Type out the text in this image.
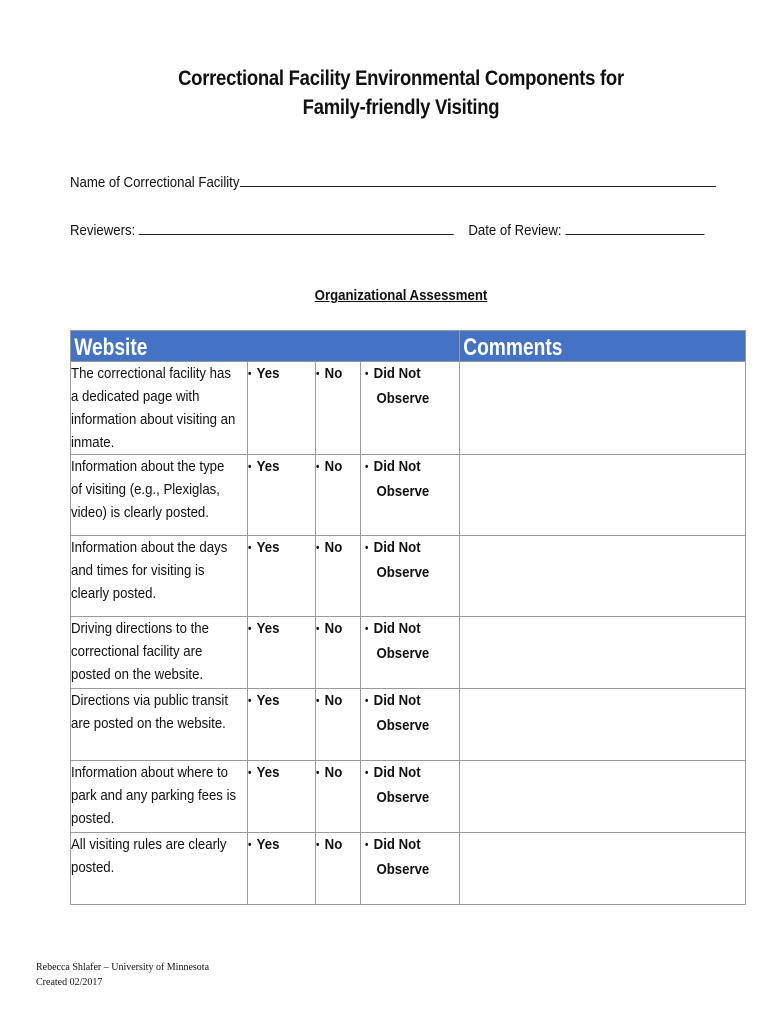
Correctional Facility Environmental Components for
Family-friendly Visiting
Name of Correctional Facility
Reviewers:	Date of Review:
Organizational Assessment
Website				Comments

The correctional facility has a dedicated page with information about visiting an inmate.	• Yes	• No	• Did Not
Observe	

Information about the type of visiting (e.g., Plexiglas, video) is clearly posted.	• Yes	• No	• Did Not
Observe	

Information about the days and times for visiting is clearly posted.	• Yes	• No	• Did Not
Observe	

Driving directions to the correctional facility are posted on the website.	• Yes	• No	• Did Not
Observe	

Directions via public transit are posted on the website.	• Yes	• No	• Did Not
Observe	

Information about where to park and any parking fees is posted.	• Yes	• No	• Did Not
Observe	

All visiting rules are clearly posted.	• Yes	• No	• Did Not
Observe	

Rebecca Shlafer – University of Minnesota
Created 02/2017
